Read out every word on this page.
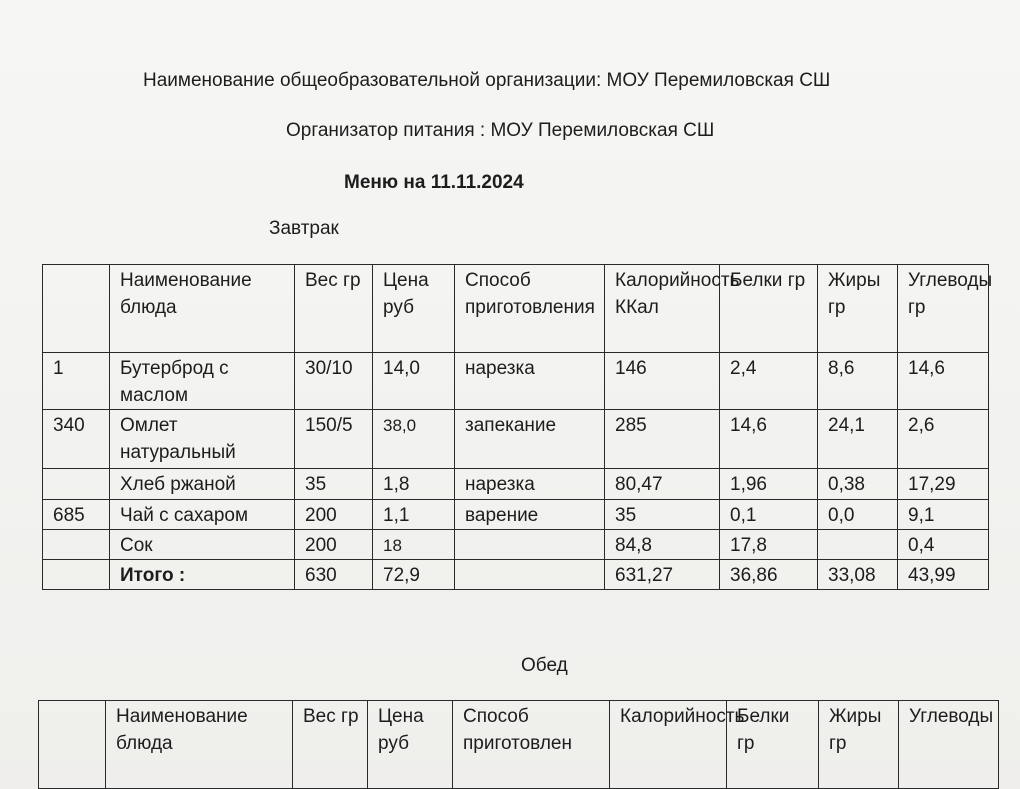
Наименование общеобразовательной организации: МОУ Перемиловская СШ
Организатор питания : МОУ Перемиловская СШ
Меню на 11.11.2024
Завтрак
	Наименование блюда	Вес гр	Цена руб	Способ приготовления	Калорийность ККал	Белки гр	Жиры гр	Углеводы гр
1	Бутерброд с маслом	30/10	14,0	нарезка	146	2,4	8,6	14,6
340	Омлет натуральный	150/5	38,0	запекание	285	14,6	24,1	2,6
	Хлеб ржаной	35	1,8	нарезка	80,47	1,96	0,38	17,29
685	Чай с сахаром	200	1,1	варение	35	0,1	0,0	9,1
	Сок	200	18		84,8	17,8		0,4
	Итого :	630	72,9		631,27	36,86	33,08	43,99
Обед
	Наименование блюда	Вес гр	Цена руб	Способ приготовлен	Калорийность	Белки гр	Жиры гр	Углеводы
